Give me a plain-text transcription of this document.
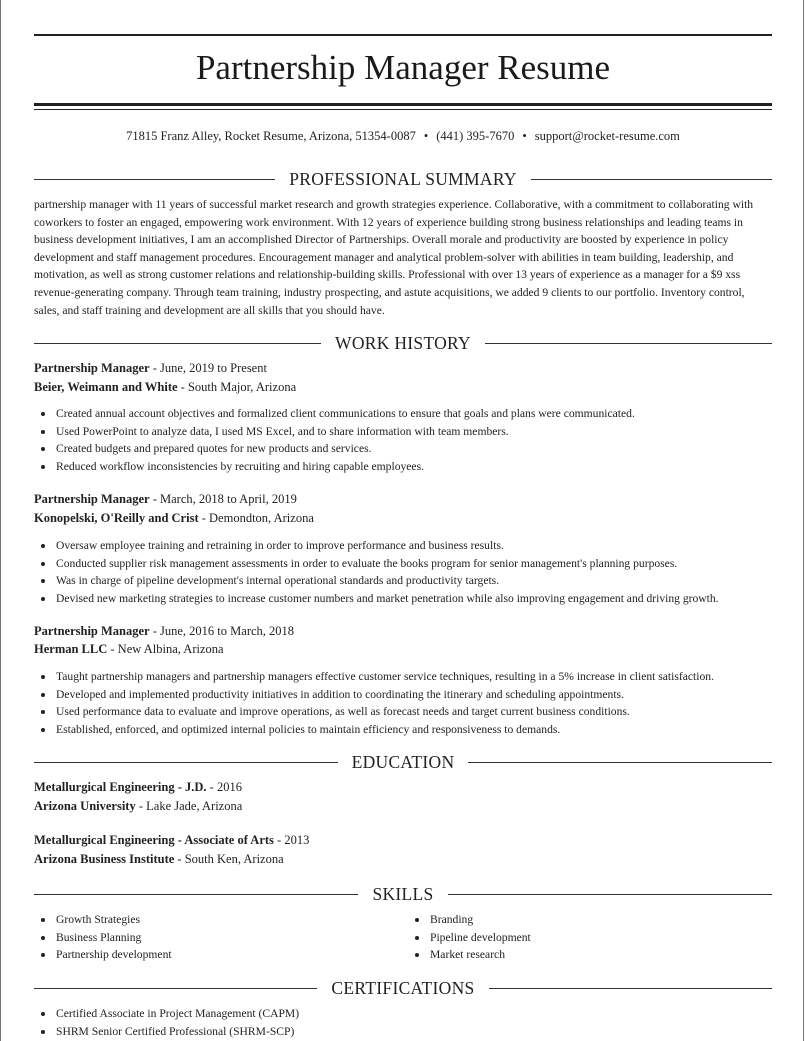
Partnership Manager Resume
71815 Franz Alley, Rocket Resume, Arizona, 51354-0087 • (441) 395-7670 • support@rocket-resume.com
PROFESSIONAL SUMMARY

partnership manager with 11 years of successful market research and growth strategies experience. Collaborative, with a commitment to collaborating with coworkers to foster an engaged, empowering work environment. With 12 years of experience building strong business relationships and leading teams in business development initiatives, I am an accomplished Director of Partnerships. Overall morale and productivity are boosted by experience in policy development and staff management procedures. Encouragement manager and analytical problem-solver with abilities in team building, leadership, and motivation, as well as strong customer relations and relationship-building skills. Professional with over 13 years of experience as a manager for a $9 xss revenue-generating company. Through team training, industry prospecting, and astute acquisitions, we added 9 clients to our portfolio. Inventory control, sales, and staff training and development are all skills that you should have.

WORK HISTORY
Partnership Manager - June, 2019 to Present
Beier, Weimann and White - South Major, Arizona
Created annual account objectives and formalized client communications to ensure that goals and plans were communicated.
Used PowerPoint to analyze data, I used MS Excel, and to share information with team members.
Created budgets and prepared quotes for new products and services.
Reduced workflow inconsistencies by recruiting and hiring capable employees.
Partnership Manager - March, 2018 to April, 2019
Konopelski, O'Reilly and Crist - Demondton, Arizona
Oversaw employee training and retraining in order to improve performance and business results.
Conducted supplier risk management assessments in order to evaluate the books program for senior management's planning purposes.
Was in charge of pipeline development's internal operational standards and productivity targets.
Devised new marketing strategies to increase customer numbers and market penetration while also improving engagement and driving growth.
Partnership Manager - June, 2016 to March, 2018
Herman LLC - New Albina, Arizona
Taught partnership managers and partnership managers effective customer service techniques, resulting in a 5% increase in client satisfaction.
Developed and implemented productivity initiatives in addition to coordinating the itinerary and scheduling appointments.
Used performance data to evaluate and improve operations, as well as forecast needs and target current business conditions.
Established, enforced, and optimized internal policies to maintain efficiency and responsiveness to demands.
EDUCATION
Metallurgical Engineering - J.D. - 2016
Arizona University - Lake Jade, Arizona
Metallurgical Engineering - Associate of Arts - 2013
Arizona Business Institute - South Ken, Arizona
SKILLS
Growth Strategies
Business Planning
Partnership development
Branding
Pipeline development
Market research
CERTIFICATIONS
Certified Associate in Project Management (CAPM)
SHRM Senior Certified Professional (SHRM-SCP)
